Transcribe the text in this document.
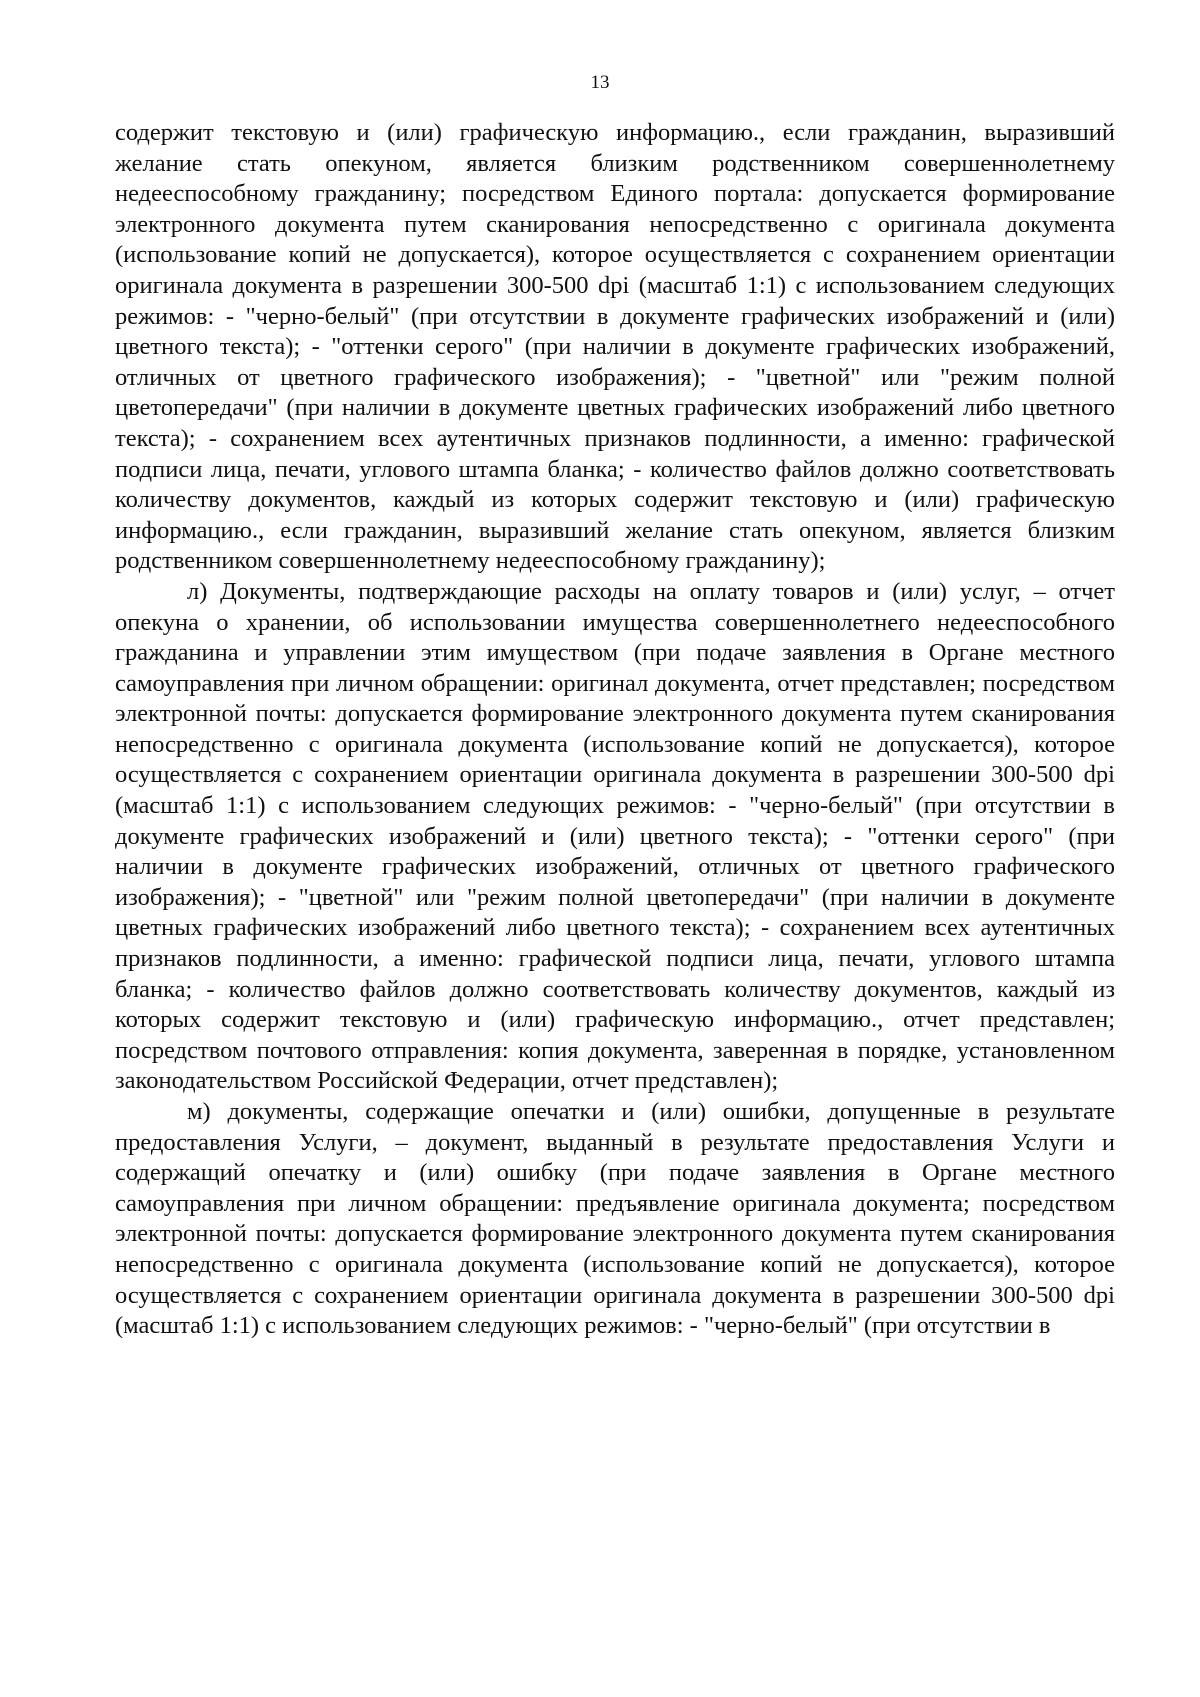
13

содержит текстовую и (или) графическую информацию., если гражданин, выразивший желание стать опекуном, является близким родственником совершеннолетнему недееспособному гражданину; посредством Единого портала: допускается формирование электронного документа путем сканирования непосредственно с оригинала документа (использование копий не допускается), которое осуществляется с сохранением ориентации оригинала документа в разрешении 300-500 dpi (масштаб 1:1) с использованием следующих режимов: - "черно-белый" (при отсутствии в документе графических изображений и (или) цветного текста); - "оттенки серого" (при наличии в документе графических изображений, отличных от цветного графического изображения); - "цветной" или "режим полной цветопередачи" (при наличии в документе цветных графических изображений либо цветного текста); - сохранением всех аутентичных признаков подлинности, а именно: графической подписи лица, печати, углового штампа бланка; - количество файлов должно соответствовать количеству документов, каждый из которых содержит текстовую и (или) графическую информацию., если гражданин, выразивший желание стать опекуном, является близким родственником совершеннолетнему недееспособному гражданину);

л) Документы, подтверждающие расходы на оплату товаров и (или) услуг, – отчет опекуна о хранении, об использовании имущества совершеннолетнего недееспособного гражданина и управлении этим имуществом (при подаче заявления в Органе местного самоуправления при личном обращении: оригинал документа, отчет представлен; посредством электронной почты: допускается формирование электронного документа путем сканирования непосредственно с оригинала документа (использование копий не допускается), которое осуществляется с сохранением ориентации оригинала документа в разрешении 300-500 dpi (масштаб 1:1) с использованием следующих режимов: - "черно-белый" (при отсутствии в документе графических изображений и (или) цветного текста); - "оттенки серого" (при наличии в документе графических изображений, отличных от цветного графического изображения); - "цветной" или "режим полной цветопередачи" (при наличии в документе цветных графических изображений либо цветного текста); - сохранением всех аутентичных признаков подлинности, а именно: графической подписи лица, печати, углового штампа бланка; - количество файлов должно соответствовать количеству документов, каждый из которых содержит текстовую и (или) графическую информацию., отчет представлен; посредством почтового отправления: копия документа, заверенная в порядке, установленном законодательством Российской Федерации, отчет представлен);

м) документы, содержащие опечатки и (или) ошибки, допущенные в результате предоставления Услуги, – документ, выданный в результате предоставления Услуги и содержащий опечатку и (или) ошибку (при подаче заявления в Органе местного самоуправления при личном обращении: предъявление оригинала документа; посредством электронной почты: допускается формирование электронного документа путем сканирования непосредственно с оригинала документа (использование копий не допускается), которое осуществляется с сохранением ориентации оригинала документа в разрешении 300-500 dpi (масштаб 1:1) с использованием следующих режимов: - "черно-белый" (при отсутствии в
